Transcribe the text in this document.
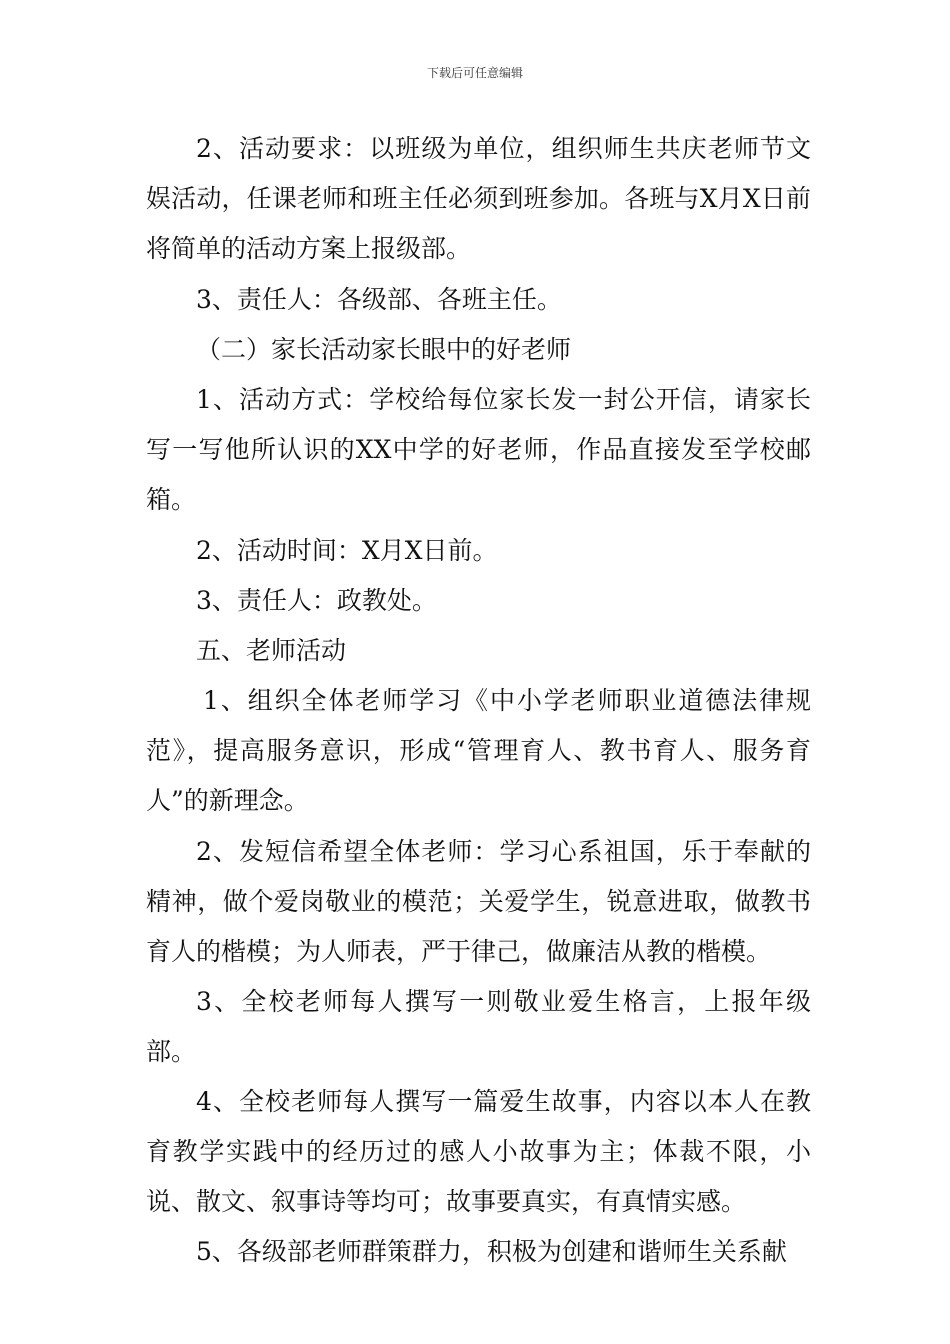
下载后可任意编辑

2、活动要求：以班级为单位，组织师生共庆老师节文娱活动，任课老师和班主任必须到班参加。各班与X月X日前将简单的活动方案上报级部。

3、责任人：各级部、各班主任。

（二）家长活动家长眼中的好老师

1、活动方式：学校给每位家长发一封公开信，请家长写一写他所认识的XX中学的好老师，作品直接发至学校邮箱。

2、活动时间：X月X日前。

3、责任人：政教处。

五、老师活动

1、组织全体老师学习《中小学老师职业道德法律规范》，提高服务意识，形成“管理育人、教书育人、服务育人”的新理念。

2、发短信希望全体老师：学习心系祖国，乐于奉献的精神，做个爱岗敬业的模范；关爱学生，锐意进取，做教书育人的楷模；为人师表，严于律己，做廉洁从教的楷模。

3、全校老师每人撰写一则敬业爱生格言，上报年级部。

4、全校老师每人撰写一篇爱生故事，内容以本人在教育教学实践中的经历过的感人小故事为主；体裁不限，小说、散文、叙事诗等均可；故事要真实，有真情实感。

5、各级部老师群策群力，积极为创建和谐师生关系献
